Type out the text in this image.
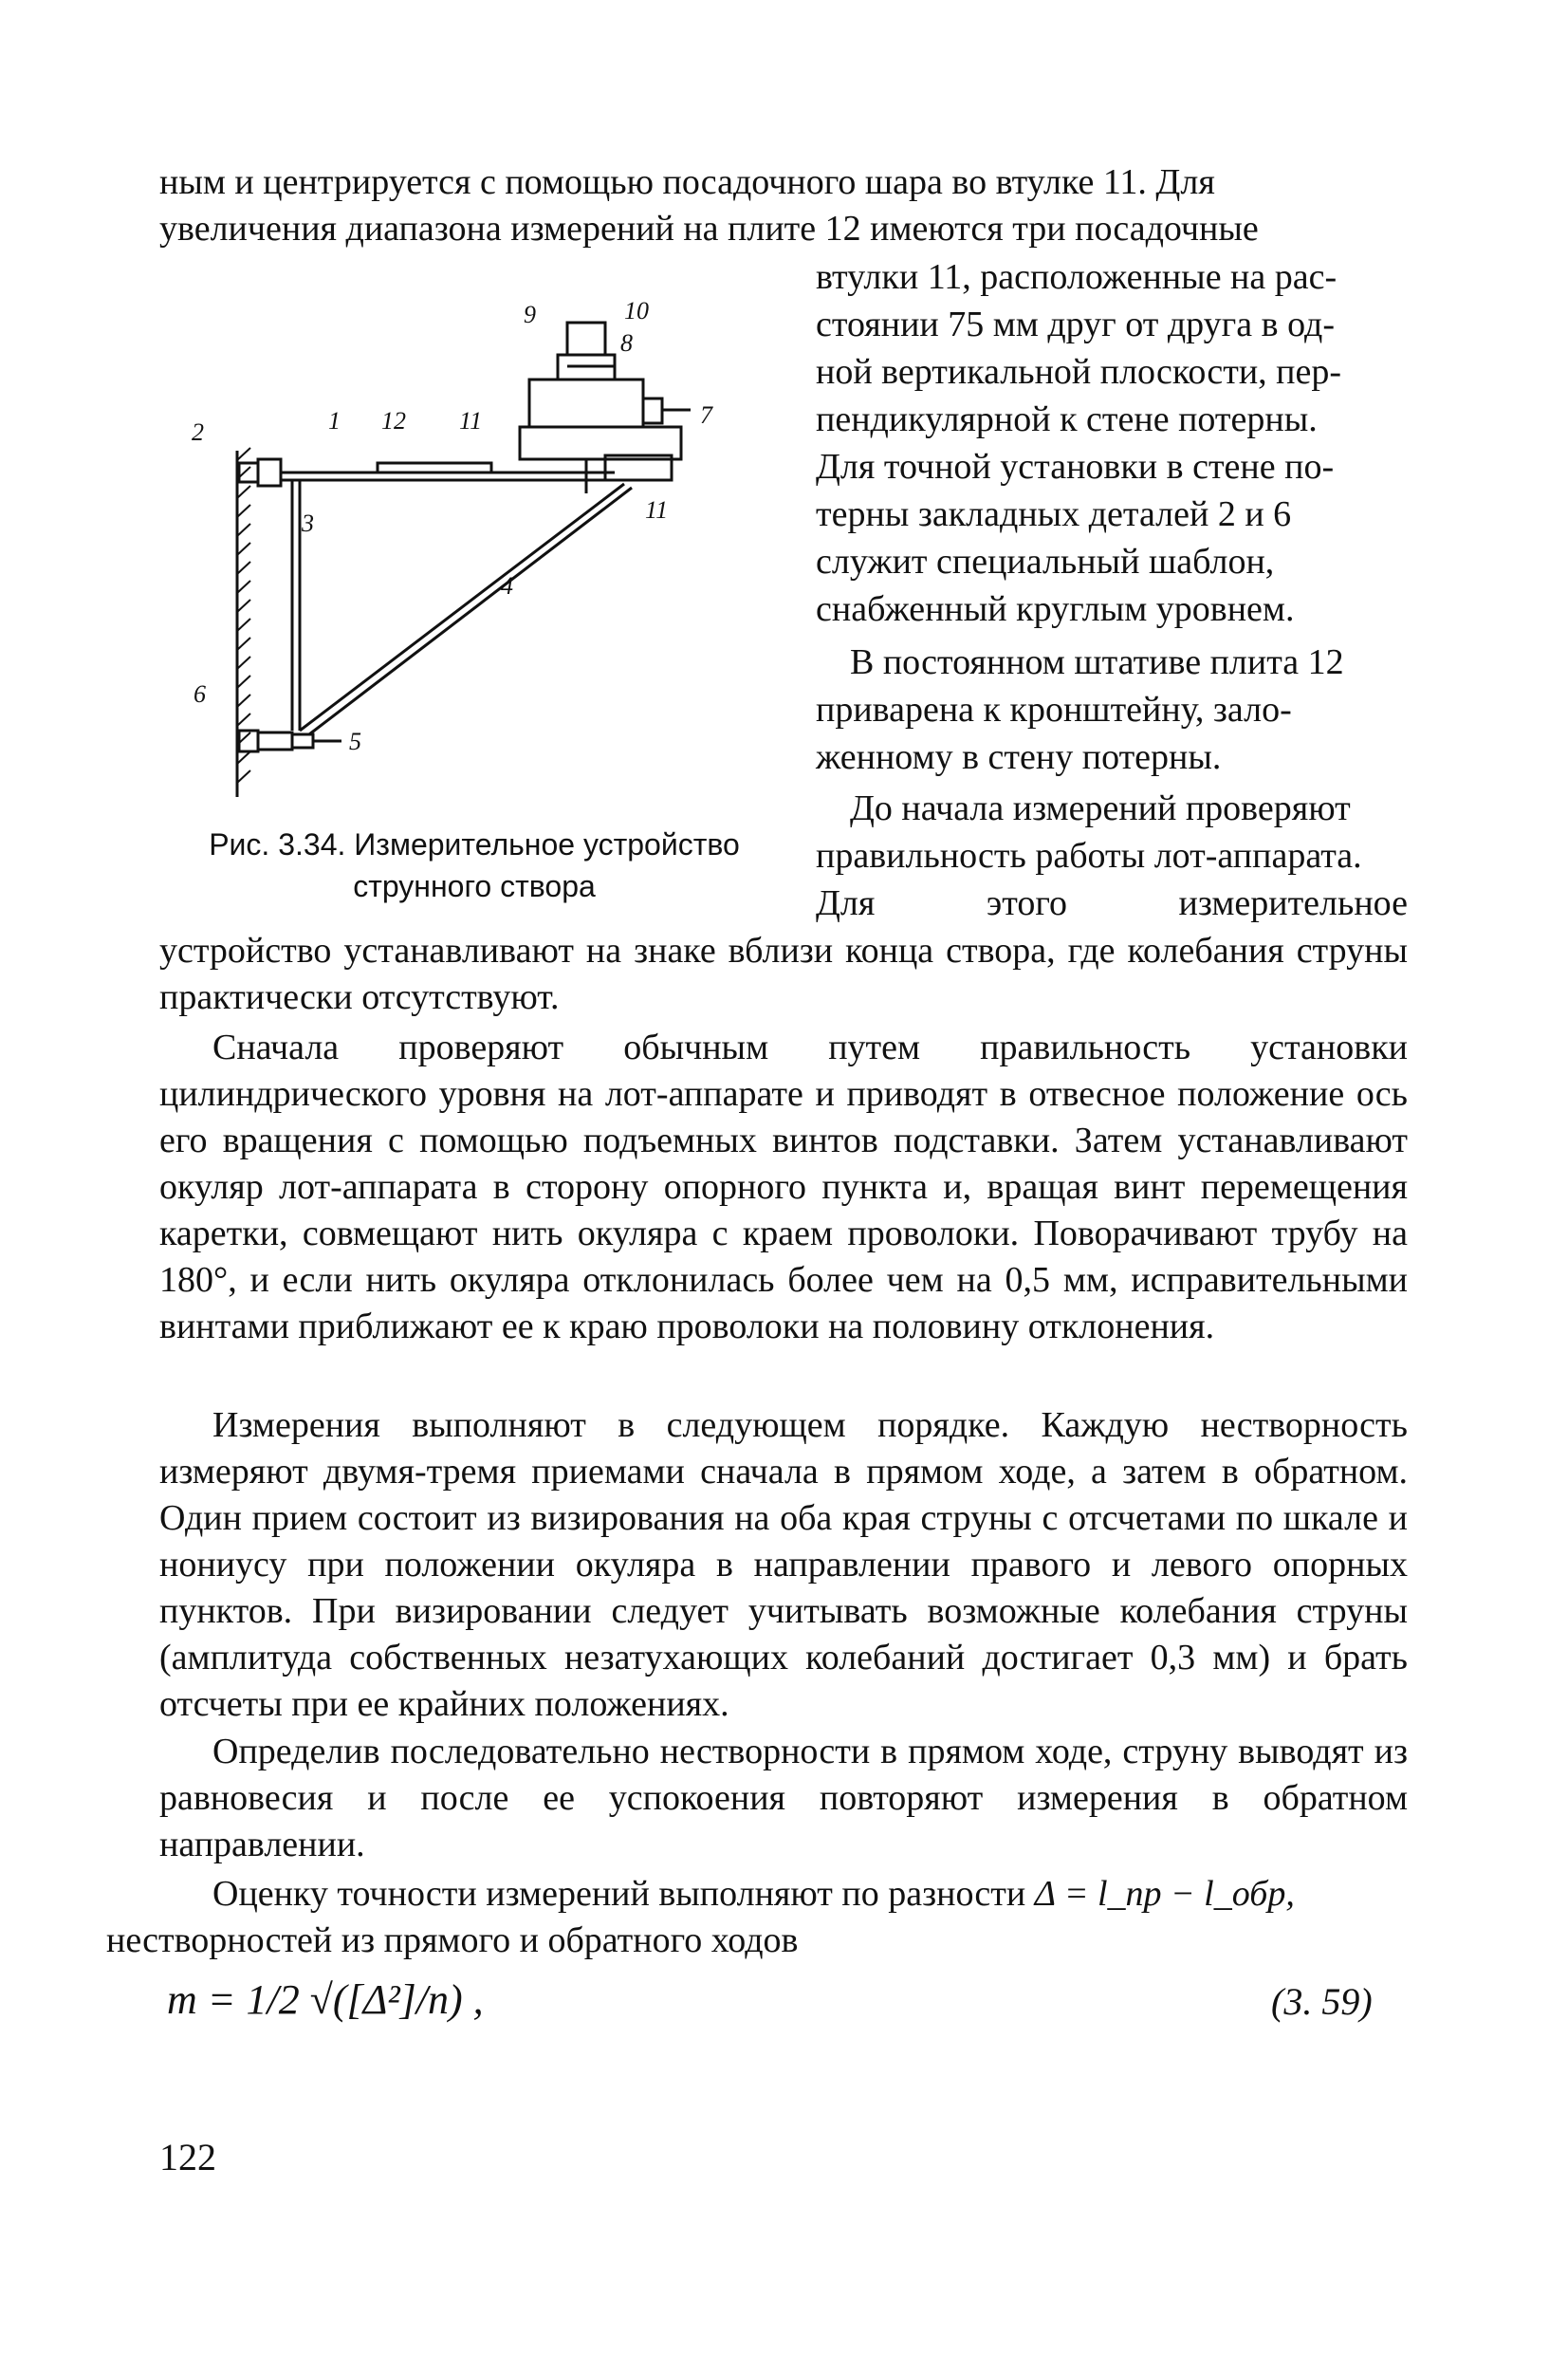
ным и центрируется с помощью посадочного шара во втулке 11. Для

увеличения диапазона измерений на плите 12 имеются три посадочные

втулки 11, расположенные на рас-

стоянии 75 мм друг от друга в од-

ной вертикальной плоскости, пер-

пендикулярной к стене потерны.

Для точной установки в стене по-

терны закладных деталей 2 и 6

служит специальный шаблон,

снабженный круглым уровнем.

В постоянном штативе плита 12

приварена к кронштейну, зало-

женному в стену потерны.

До начала измерений проверяют

правильность работы лот-аппарата.

Для этого измерительное

2	1 12 11
9	10
8
7
11
3
4
6
5
Рис. 3.34. Измерительное устройство
струнного створа

устройство устанавливают на знаке вблизи конца створа, где колебания струны практически отсутствуют.

Сначала проверяют обычным путем правильность установки цилиндрического уровня на лот-аппарате и приводят в отвесное положение ось его вращения с помощью подъемных винтов подставки. Затем устанавливают окуляр лот-аппарата в сторону опорного пункта и, вращая винт перемещения каретки, совмещают нить окуляра с краем проволоки. Поворачивают трубу на 180°, и если нить окуляра отклонилась более чем на 0,5 мм, исправительными винтами приближают ее к краю проволоки на половину отклонения.

Измерения выполняют в следующем порядке. Каждую нестворность измеряют двумя-тремя приемами сначала в прямом ходе, а затем в обратном. Один прием состоит из визирования на оба края струны с отсчетами по шкале и нониусу при положении окуляра в направлении правого и левого опорных пунктов. При визировании следует учитывать возможные колебания струны (амплитуда собственных незатухающих колебаний достигает 0,3 мм) и брать отсчеты при ее крайних положениях.

Определив последовательно нестворности в прямом ходе, струну выводят из равновесия и после ее успокоения повторяют измерения в обратном направлении.

Оценку точности измерений выполняют по разности Δ = l_пр − l_обр,
нестворностей из прямого и обратного ходов

m = 1/2 √([Δ²]/n) ,	(3. 59)
122
